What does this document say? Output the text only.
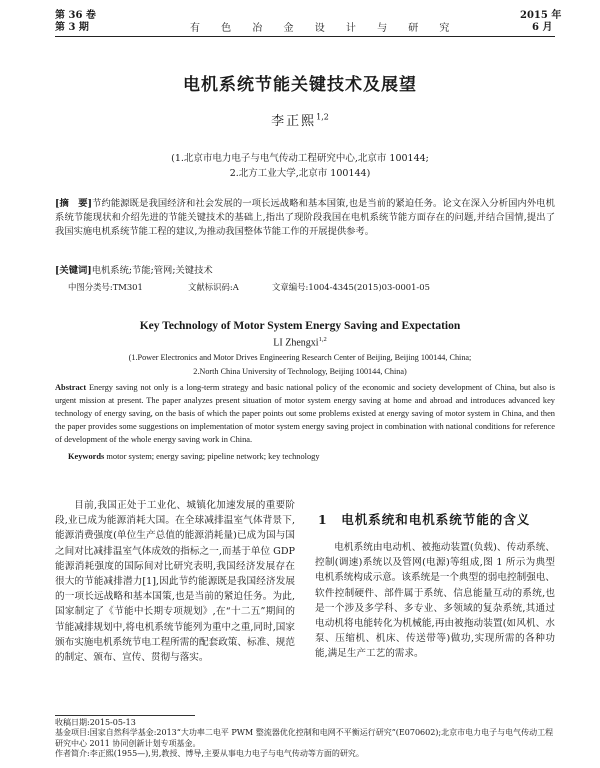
第 36 卷
第 3 期	有 色 冶 金 设 计 与 研 究
2015 年
6 月
电机系统节能关键技术及展望
李正熙$^{1,2}$
(1.北京市电力电子与电气传动工程研究中心,北京市 100144;
2.北方工业大学,北京市 100144)
[摘　要]节约能源既是我国经济和社会发展的一项长远战略和基本国策,也是当前的紧迫任务。论文在深入分析国内外电机系统节能现状和介绍先进的节能关键技术的基础上,指出了现阶段我国在电机系统节能方面存在的问题,并结合国情,提出了我国实施电机系统节能工程的建议,为推动我国整体节能工作的开展提供参考。
[关键词]电机系统;节能;管网;关键技术
中图分类号:TM301	文献标识码:A	文章编号:1004-4345(2015)03-0001-05
Key Technology of Motor System Energy Saving and Expectation
LI Zhengxi$^{1,2}$
(1.Power Electronics and Motor Drives Engineering Research Center of Beijing, Beijing 100144, China;
2.North China University of Technology, Beijing 100144, China)
Abstract Energy saving not only is a long-term strategy and basic national policy of the economic and society development of China, but also is urgent mission at present. The paper analyzes present situation of motor system energy saving at home and abroad and introduces advanced key technology of energy saving, on the basis of which the paper points out some problems existed at energy saving of motor system in China, and then the paper provides some suggestions on implementation of motor system energy saving project in combination with national conditions for reference of development of the whole energy saving work in China.
Keywords motor system; energy saving; pipeline network; key technology
目前,我国正处于工业化、城镇化加速发展的重要阶段,业已成为能源消耗大国。在全球减排温室气体背景下,能源消费强度(单位生产总值的能源消耗量)已成为国与国之间对比减排温室气体成效的指标之一,而基于单位 GDP 能源消耗强度的国际间对比研究表明,我国经济发展存在很大的节能减排潜力[1],因此节约能源既是我国经济发展的一项长远战略和基本国策,也是当前的紧迫任务。为此,国家制定了《节能中长期专项规划》,在“十二五”期间的节能减排规划中,将电机系统节能列为重中之重,同时,国家颁布实施电机系统节电工程所需的配套政策、标准、规范的制定、颁布、宣传、贯彻与落实。
1　电机系统和电机系统节能的含义
电机系统由电动机、被拖动装置(负载)、传动系统、控制(调速)系统以及管网(电源)等组成,图 1 所示为典型电机系统构成示意。该系统是一个典型的弱电控制强电、软件控制硬件、部件属于系统、信息能量互动的系统,也是一个涉及多学科、多专业、多领域的复杂系统,其通过电动机将电能转化为机械能,再由被拖动装置(如风机、水泵、压缩机、机床、传送带等)做功,实现所需的各种功能,满足生产工艺的需求。
收稿日期:2015-05-13
基金项目:国家自然科学基金:2013“大功率二电平 PWM 整流器优化控制和电网不平衡运行研究”(E070602);北京市电力电子与电气传动工程研究中心 2011 协同创新计划专项基金。
作者简介:李正熙(1955—),男,教授、博导,主要从事电力电子与电气传动等方面的研究。
